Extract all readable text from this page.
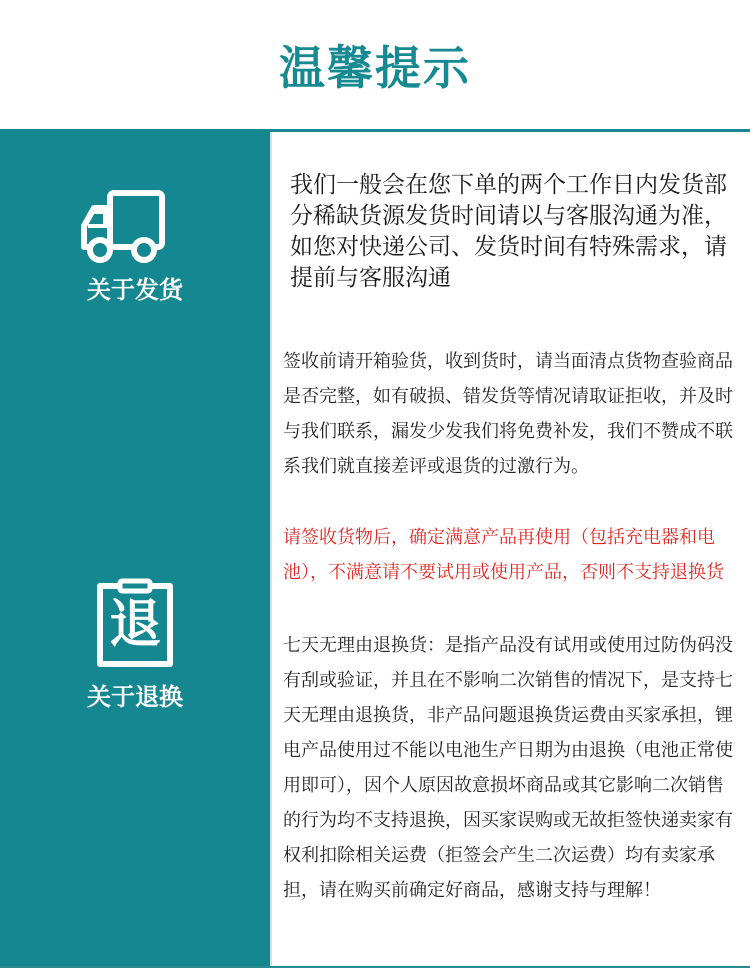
温馨提示
关于发货
退
关于退换
我们一般会在您下单的两个工作日内发货部分稀缺货源发货时间请以与客服沟通为准，如您对快递公司、发货时间有特殊需求，请提前与客服沟通
签收前请开箱验货，收到货时，请当面清点货物查验商品是否完整，如有破损、错发货等情况请取证拒收，并及时与我们联系，漏发少发我们将免费补发，我们不赞成不联系我们就直接差评或退货的过激行为。
请签收货物后，确定满意产品再使用（包括充电器和电池），不满意请不要试用或使用产品，否则不支持退换货
七天无理由退换货：是指产品没有试用或使用过防伪码没有刮或验证，并且在不影响二次销售的情况下，是支持七天无理由退换货，非产品问题退换货运费由买家承担，锂电产品使用过不能以电池生产日期为由退换（电池正常使用即可），因个人原因故意损坏商品或其它影响二次销售的行为均不支持退换，因买家误购或无故拒签快递卖家有权利扣除相关运费（拒签会产生二次运费）均有卖家承担，请在购买前确定好商品，感谢支持与理解！
